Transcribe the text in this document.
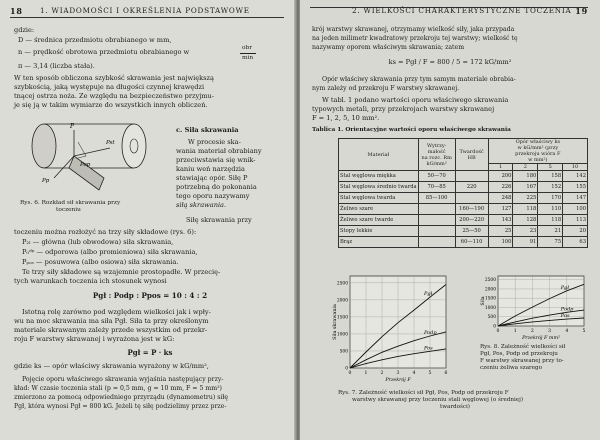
18 1. WIADOMOŚCI I OKREŚLENIA PODSTAWOWE
gdzie:
D — średnica przedmiotu obrabianego w mm,
n — prędkość obrotowa przedmiotu obrabianego w	obr
min
π — 3,14 (liczba stała).
W ten sposób obliczona szybkość skrawania jest największą
szybkością, jaką występuje na długości czynnej krawędzi
tnącej ostrza noża. Ze względu na bezpieczeństwo przyjmu-
je się ją w takim wymiarze do wszystkich innych obliczeń.
P
Pst
Pp
Pop
Rys. 6. Rozkład sił skrawania przy
toczeniu
c. Siła skrawania
W procesie ska-
wania materiał obrabiany
przeciwstawia się wnik-
kaniu weń narzędzia
stawiając opór. Siłę P
potrzebną do pokonania
tego oporu nazywamy
siłą skrawania.
Siłę skrawania przy
toczeniu można rozłożyć na trzy siły składowe (rys. 6):
P₂ₗ — główna (lub obwodowa) siła skrawania,
P₀ᵈᵖ — odporowa (albo promieniowa) siła skrawania,
Pₚₒₛ — posuwowa (albo osiowa) siła skrawania.
Te trzy siły składowe są wzajemnie prostopadłe. W przecię-
tych warunkach toczenia ich stosunek wynosi
Pgł : Podp : Ppos = 10 : 4 : 2
Istotną rolę zarówno pod względem wielkości jak i wpły-
wu na moc skrawania ma siła Pgł. Siła ta przy określonym
materiale skrawanym zależy przede wszystkim od przekr-
roju F warstwy skrawanej i wyrażona jest w kG:
Pgł = P · ks
gdzie ks — opór właściwy skrawania wyrażony w kG/mm²,
Pojęcie oporu właściwego skrawania wyjaśnia następujący przy-
kład: W czasie toczenia stali (p = 0,5 mm, g = 10 mm, F = 5 mm²)
zmierzono za pomocą odpowiedniego przyrządu (dynamometru) siłę
Pgł, która wynosi Pgł = 800 kG. Jeżeli tę siłę podzielimy przez prze-
2. WIELKOŚCI CHARAKTERYSTYCZNE TOCZENIA 19
krój warstwy skrawanej, otrzymamy wielkość siły, jaka przypada
na jeden milimetr kwadratowy przekroju tej warstwy; wielkość tę
nazywamy oporem właściwym skrawania; zatem
ks = Pgł / F = 800 / 5 = 172 kG/mm²
Opór właściwy skrawania przy tym samym materiale obrabia-
nym zależy od przekroju F warstwy skrawanej.
W tabl. 1 podano wartości oporu właściwego skrawania
typowych metali, przy przekrojach warstwy skrawanej
F = 1, 2, 5, 10 mm².
Tablica 1. Orientacyjne wartości oporu właściwego skrawania
Materiał	Wytrzy-
małość
na rozc. Rm
kG/mm²	Twardość
HB	Opór właściwy ks
w kG/mm² (przy
przekroju wióra F
w mm²)			
			1	2	5	10
Stal węglowa miękka	50—70		200	180	158	142
Stal węglowa średnio twarda	70—85	220	226	167	152	155
Stal węglowa twarda	85—100		248	225	170	147
Żeliwo szare		160—190	127	118	110	100
Żeliwo szare twarde		200—220	143	128	118	113
Stopy lekkie		25—50	25	23	21	20
Brąz		60—110	100	91	75	63
0	1	2	3	4	5	6
0
500
1000
1500
2000
2500
Pgł
Podp
Pos
Przekrój F
Siła skrawania	0	1	2	3	4	5
0
500
1000
1500
2000
2500
Pgł
Podp
Pos
Przekrój F mm²
Siła
Rys. 7. Zależność wielkości sił Pgł, Pos, Podp od przekroju F
warstwy skrawanej przy toczeniu stali węglowej (o średniej)
twardości)
Rys. 8. Zależność wielkości sił
Pgł, Pos, Podp od przekroju
F warstwy skrawanej przy to-
czeniu żeliwa szarego
